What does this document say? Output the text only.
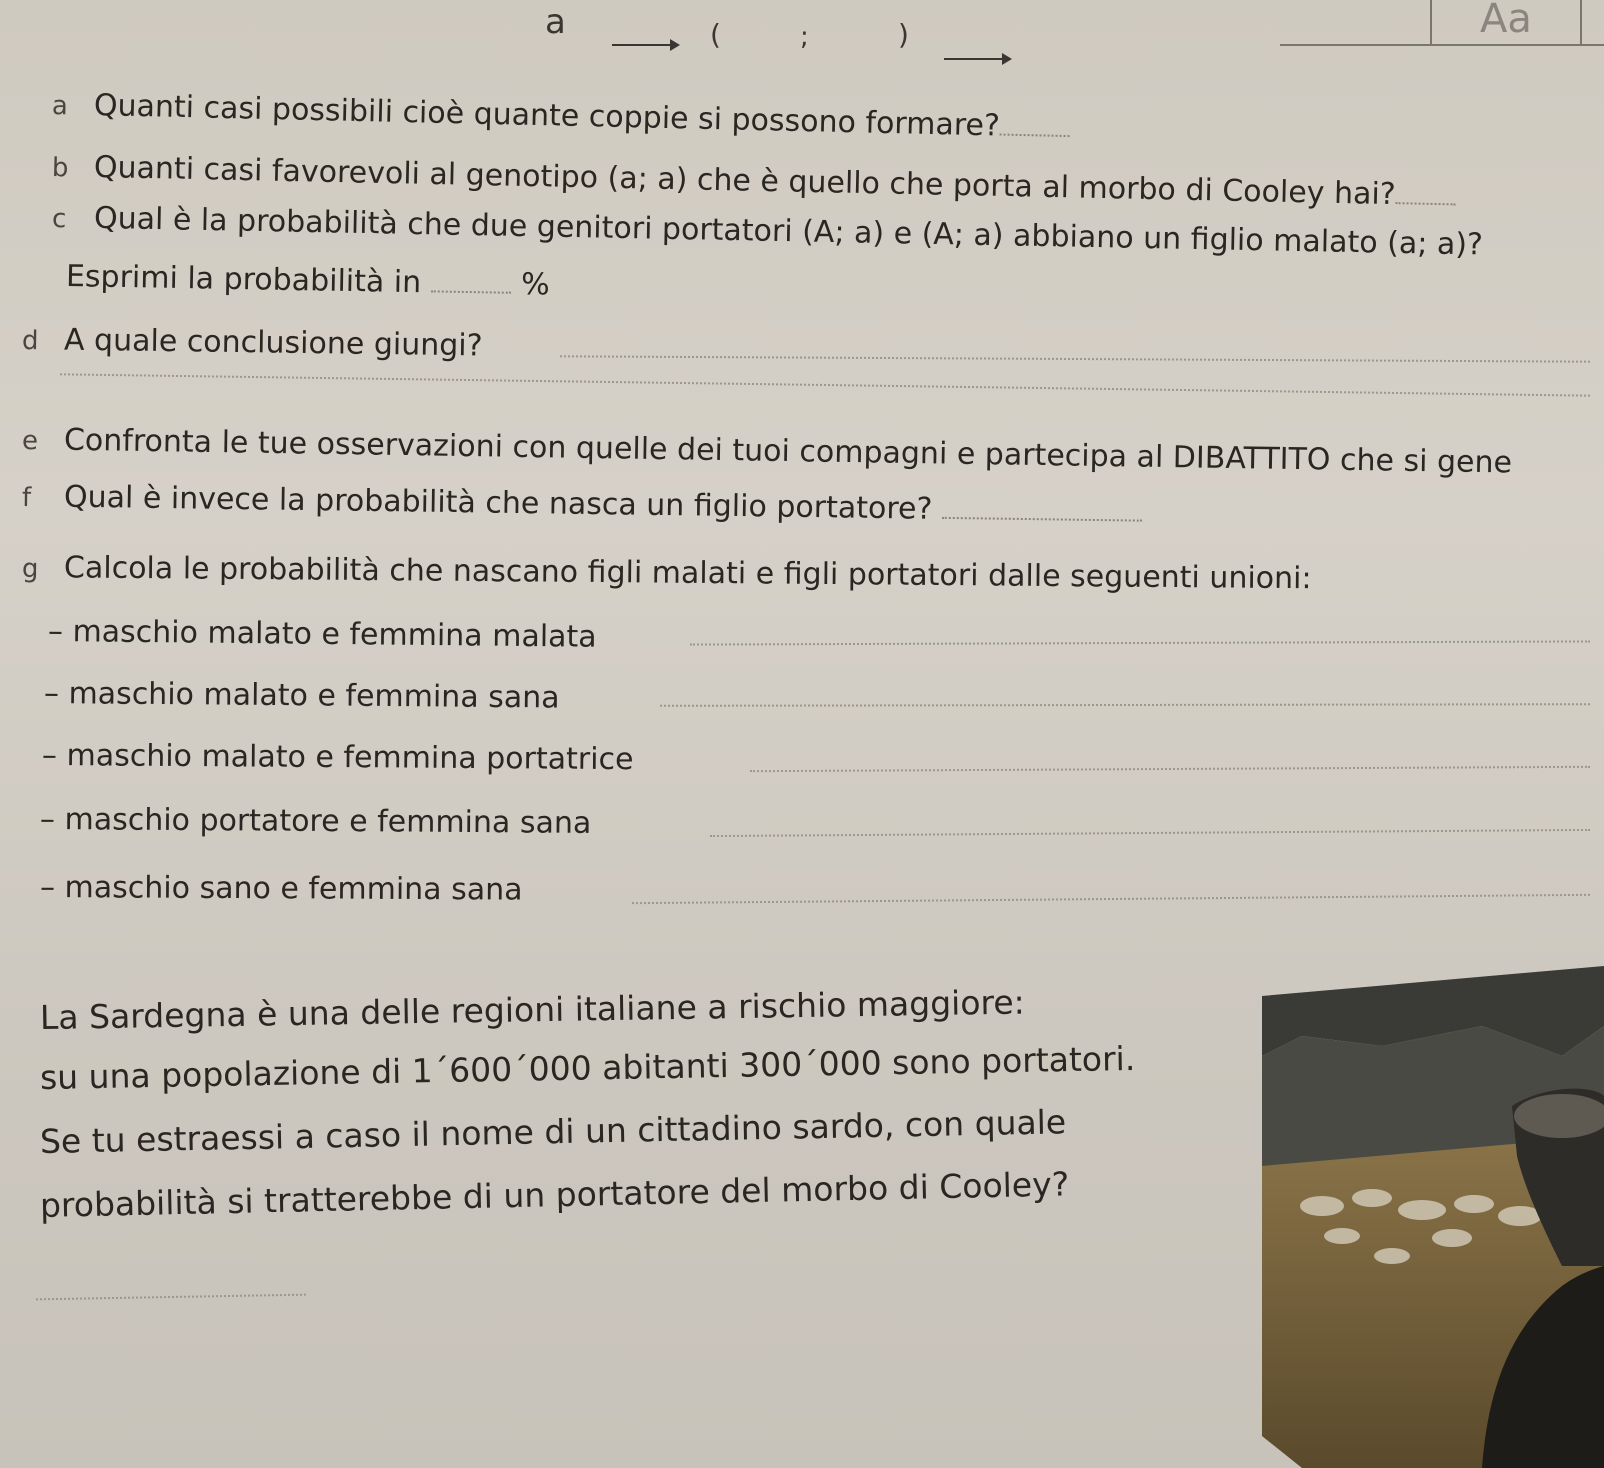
a	(	;	)	Aa
a Quanti casi possibili cioè quante coppie si possono formare?
b Quanti casi favorevoli al genotipo (a; a) che è quello che porta al morbo di Cooley hai?
c Qual è la probabilità che due genitori portatori (A; a) e (A; a) abbiano un figlio malato (a; a)?
Esprimi la probabilità in	%
d A quale conclusione giungi?
e Confronta le tue osservazioni con quelle dei tuoi compagni e partecipa al DIBATTITO che si gene
f Qual è invece la probabilità che nasca un figlio portatore?
g Calcola le probabilità che nascano figli malati e figli portatori dalle seguenti unioni:
– maschio malato e femmina malata
– maschio malato e femmina sana
– maschio malato e femmina portatrice
– maschio portatore e femmina sana
– maschio sano e femmina sana
La Sardegna è una delle regioni italiane a rischio maggiore:
su una popolazione di 1´600´000 abitanti 300´000 sono portatori.
Se tu estraessi a caso il nome di un cittadino sardo, con quale
probabilità si tratterebbe di un portatore del morbo di Cooley?
